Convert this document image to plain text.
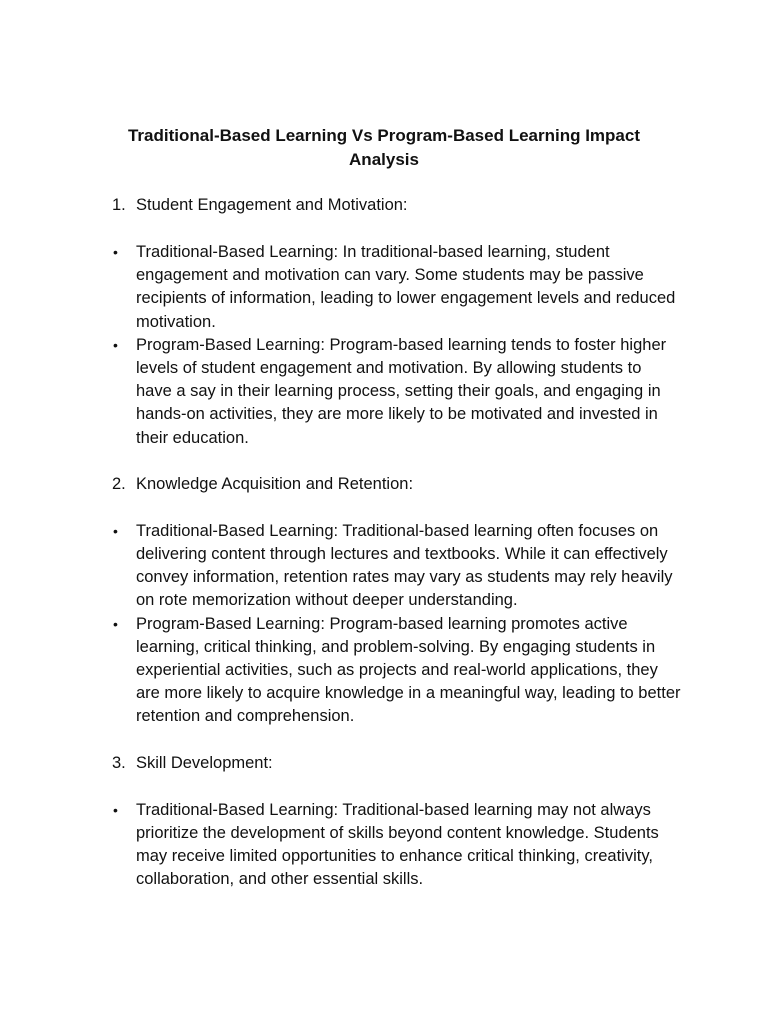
Traditional-Based Learning Vs Program-Based Learning Impact Analysis

1. Student Engagement and Motivation:

• Traditional-Based Learning: In traditional-based learning, student engagement and motivation can vary. Some students may be passive recipients of information, leading to lower engagement levels and reduced motivation.
• Program-Based Learning: Program-based learning tends to foster higher levels of student engagement and motivation. By allowing students to have a say in their learning process, setting their goals, and engaging in hands-on activities, they are more likely to be motivated and invested in their education.

2. Knowledge Acquisition and Retention:

• Traditional-Based Learning: Traditional-based learning often focuses on delivering content through lectures and textbooks. While it can effectively convey information, retention rates may vary as students may rely heavily on rote memorization without deeper understanding.
• Program-Based Learning: Program-based learning promotes active learning, critical thinking, and problem-solving. By engaging students in experiential activities, such as projects and real-world applications, they are more likely to acquire knowledge in a meaningful way, leading to better retention and comprehension.

3. Skill Development:

• Traditional-Based Learning: Traditional-based learning may not always prioritize the development of skills beyond content knowledge. Students may receive limited opportunities to enhance critical thinking, creativity, collaboration, and other essential skills.
